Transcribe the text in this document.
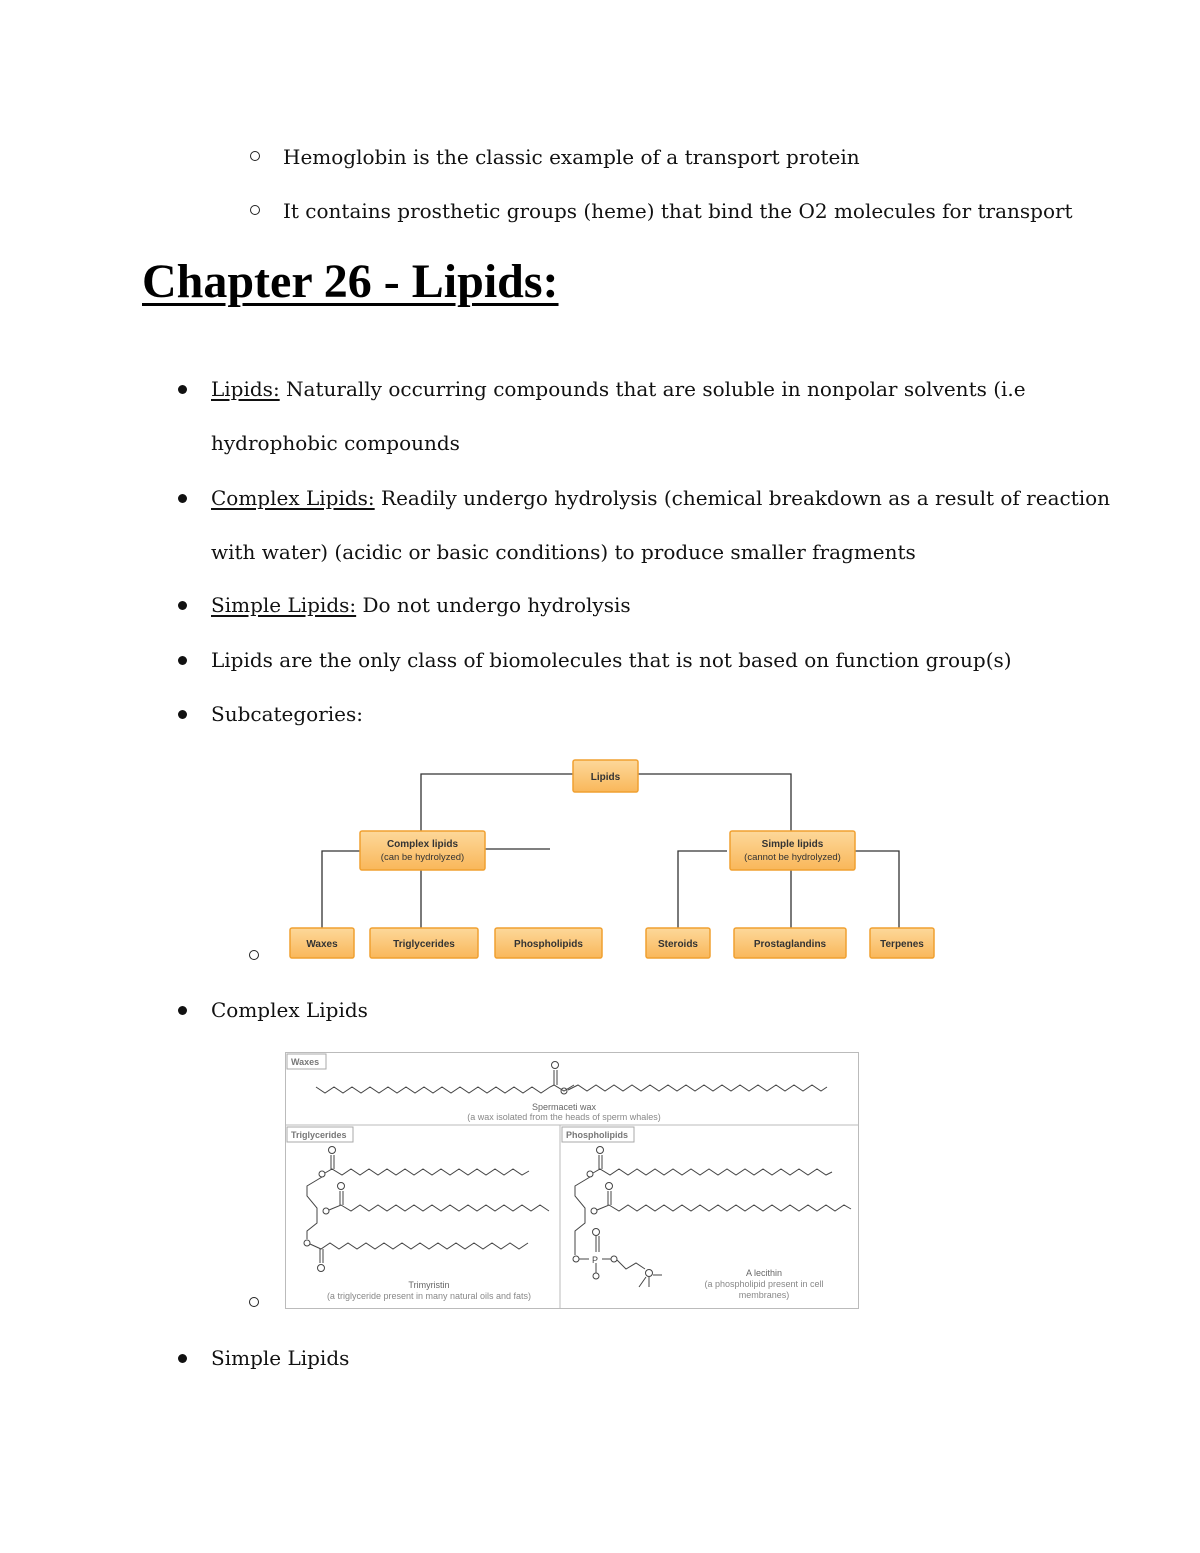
Hemoglobin is the classic example of a transport protein
It contains prosthetic groups (heme) that bind the O2 molecules for transport
Chapter 26 - Lipids:
Lipids: Naturally occurring compounds that are soluble in nonpolar solvents (i.e
hydrophobic compounds
Complex Lipids: Readily undergo hydrolysis (chemical breakdown as a result of reaction
with water) (acidic or basic conditions) to produce smaller fragments
Simple Lipids: Do not undergo hydrolysis
Lipids are the only class of biomolecules that is not based on function group(s)
Subcategories:
Lipids
Complex lipids
(can be hydrolyzed)
Simple lipids
(cannot be hydrolyzed)
Waxes	Triglycerides	Phospholipids	Steroids	Prostaglandins	Terpenes
Complex Lipids
Waxes
Triglycerides	Phospholipids
P
Spermaceti wax
(a wax isolated from the heads of sperm whales)
Trimyristin
(a triglyceride present in many natural oils and fats)
A lecithin
(a phospholipid present in cell
membranes)
Simple Lipids
